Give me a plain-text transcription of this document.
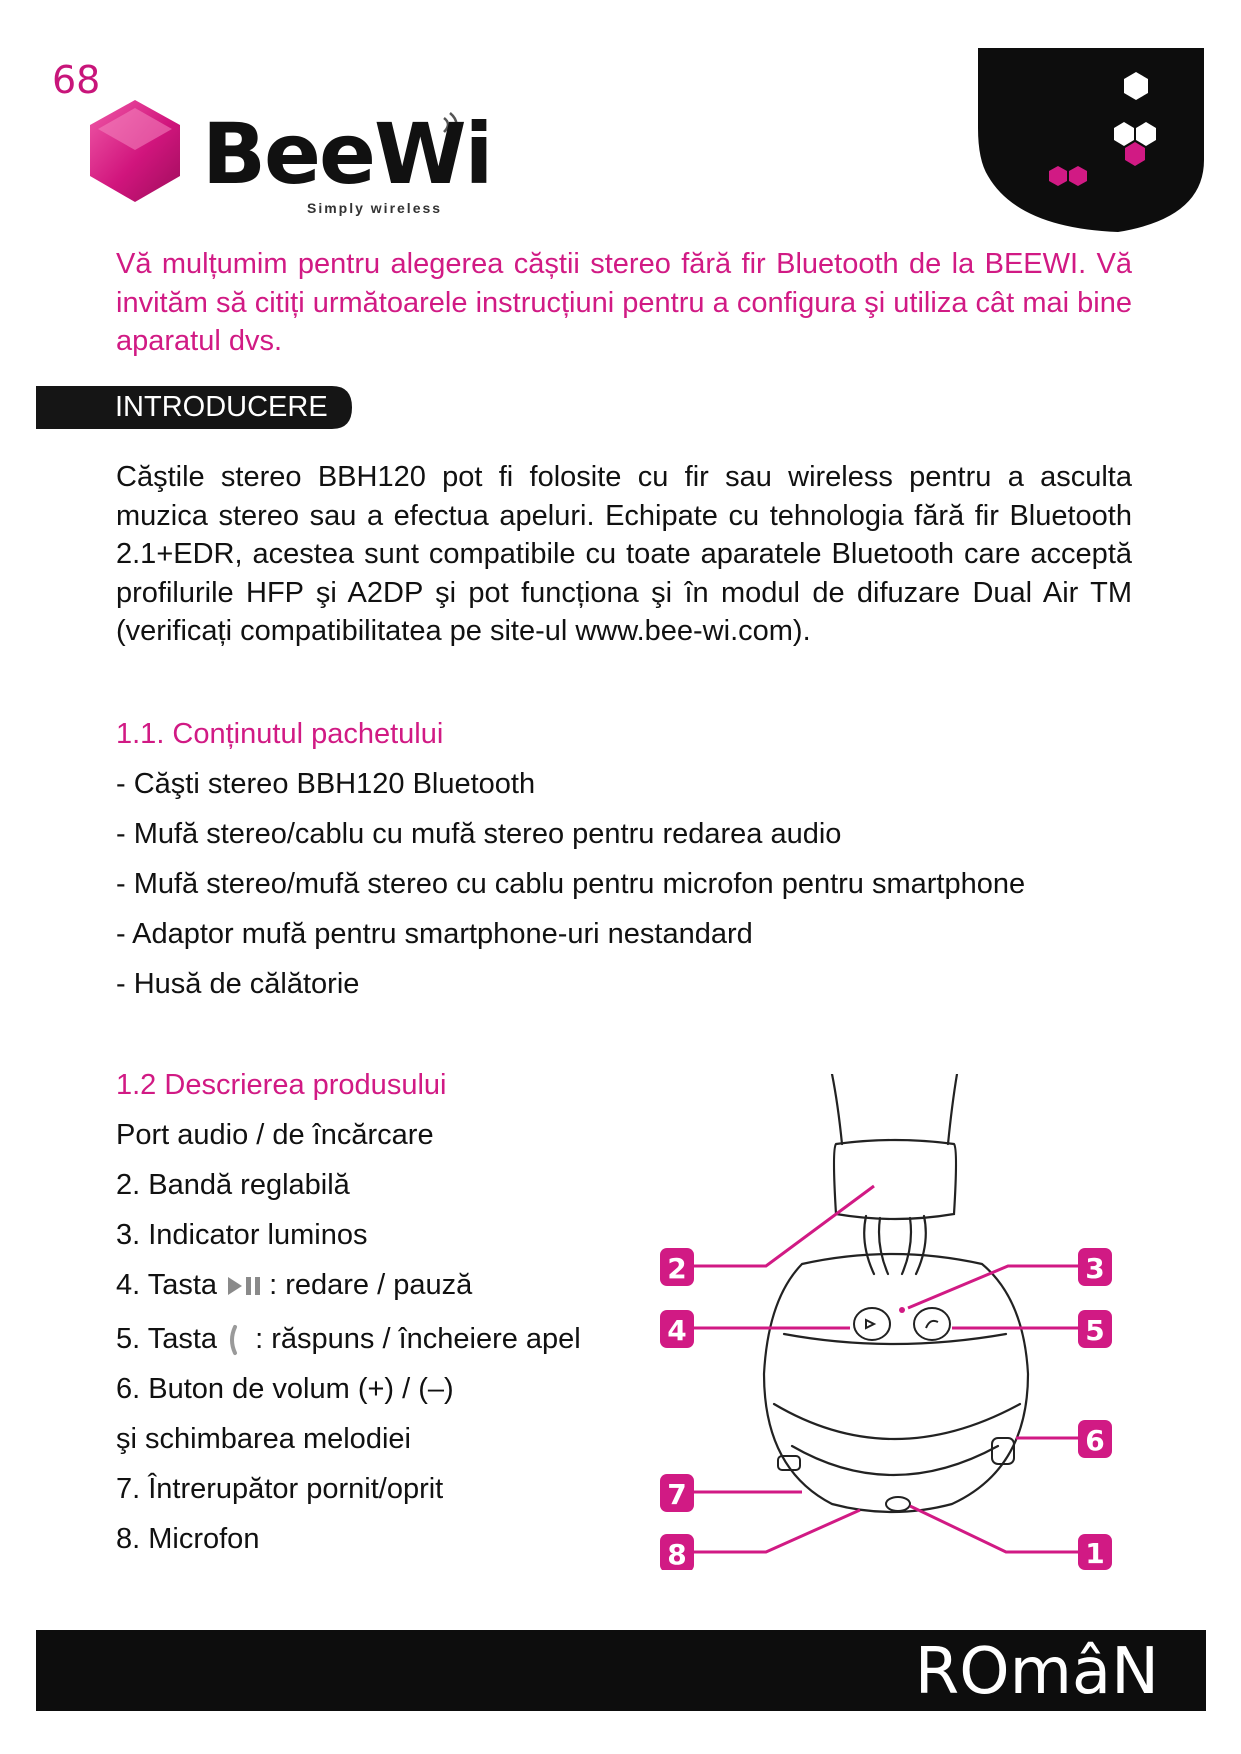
68
BeeWi
Simply wireless
Vă mulțumim pentru alegerea căștii stereo fără fir Bluetooth de la BEEWI. Vă invităm să citiți următoarele instrucțiuni pentru a configura şi utiliza cât mai bine aparatul dvs.
INTRODUCERE
Căştile stereo BBH120 pot fi folosite cu fir sau wireless pentru a asculta muzica stereo sau a efectua apeluri. Echipate cu tehnologia fără fir Bluetooth 2.1+EDR, acestea sunt compatibile cu toate aparatele Bluetooth care acceptă profilurile HFP şi A2DP şi pot funcționa şi în modul de difuzare Dual Air TM (verificați compatibilitatea pe site-ul www.bee-wi.com).
1.1. Conținutul pachetului
- Căşti stereo BBH120 Bluetooth
- Mufă stereo/cablu cu mufă stereo pentru redarea audio
- Mufă stereo/mufă stereo cu cablu pentru microfon pentru smartphone
- Adaptor mufă pentru smartphone-uri nestandard
- Husă de călătorie
1.2 Descrierea produsului
Port audio / de încărcare
2. Bandă reglabilă
3. Indicator luminos
4. Tasta : redare / pauză
5. Tasta : răspuns / încheiere apel
6. Buton de volum (+) / (–)
şi schimbarea melodiei
7. Întrerupător pornit/oprit
8. Microfon
2
4
3
5
6
7
8	1
ROmâN
